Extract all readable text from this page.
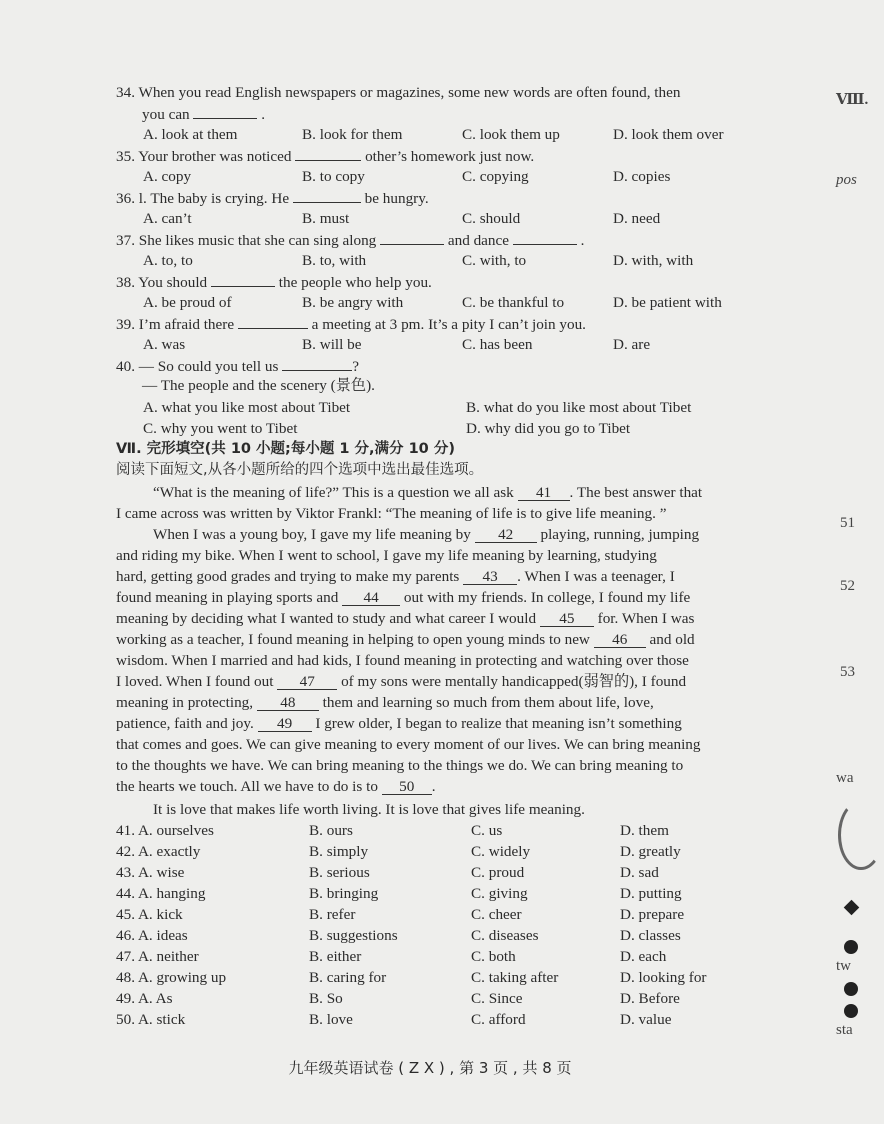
34. When you read English newspapers or magazines, some new words are often found, then
you can	.
A. look at them	B. look for them	C. look them up	D. look them over
35. Your brother was noticed	other’s homework just now.
A. copy	B. to copy	C. copying	D. copies
36. l. The baby is crying. He	be hungry.
A. can’t	B. must	C. should	D. need
37. She likes music that she can sing along	and dance	.
A. to, to	B. to, with	C. with, to	D. with, with
38. You should	the people who help you.
A. be proud of	B. be angry with	C. be thankful to	D. be patient with
39. I’m afraid there	a meeting at 3 pm. It’s a pity I can’t join you.
A. was	B. will be	C. has been	D. are
40. — So could you tell us	?
— The people and the scenery (景色).
A. what you like most about Tibet	B. what do you like most about Tibet
C. why you went to Tibet	D. why did you go to Tibet
Ⅶ. 完形填空(共 10 小题;每小题 1 分,满分 10 分)
阅读下面短文,从各小题所给的四个选项中选出最佳选项。
“What is the meaning of life?” This is a question we all ask 41 . The best answer that
I came across was written by Viktor Frankl: “The meaning of life is to give life meaning. ”
When I was a young boy, I gave my life meaning by 42 playing, running, jumping
and riding my bike. When I went to school, I gave my life meaning by learning, studying
hard, getting good grades and trying to make my parents 43 . When I was a teenager, I
found meaning in playing sports and 44 out with my friends. In college, I found my life
meaning by deciding what I wanted to study and what career I would 45 for. When I was
working as a teacher, I found meaning in helping to open young minds to new 46 and old
wisdom. When I married and had kids, I found meaning in protecting and watching over those
I loved. When I found out 47 of my sons were mentally handicapped(弱智的), I found
meaning in protecting, 48 them and learning so much from them about life, love,
patience, faith and joy. 49 I grew older, I began to realize that meaning isn’t something
that comes and goes. We can give meaning to every moment of our lives. We can bring meaning
to the thoughts we have. We can bring meaning to the things we do. We can bring meaning to
the hearts we touch. All we have to do is to 50 .
It is love that makes life worth living. It is love that gives life meaning.
41. A. ourselves	B. ours	C. us	D. them
42. A. exactly	B. simply	C. widely	D. greatly
43. A. wise	B. serious	C. proud	D. sad
44. A. hanging	B. bringing	C. giving	D. putting
45. A. kick	B. refer	C. cheer	D. prepare
46. A. ideas	B. suggestions	C. diseases	D. classes
47. A. neither	B. either	C. both	D. each
48. A. growing up	B. caring for	C. taking after	D. looking for
49. A. As	B. So	C. Since	D. Before
50. A. stick	B. love	C. afford	D. value
九年级英语试卷 ( Z X ) , 第 3 页 , 共 8 页
Ⅷ.
pos
51
52
53
wa
tw
sta
